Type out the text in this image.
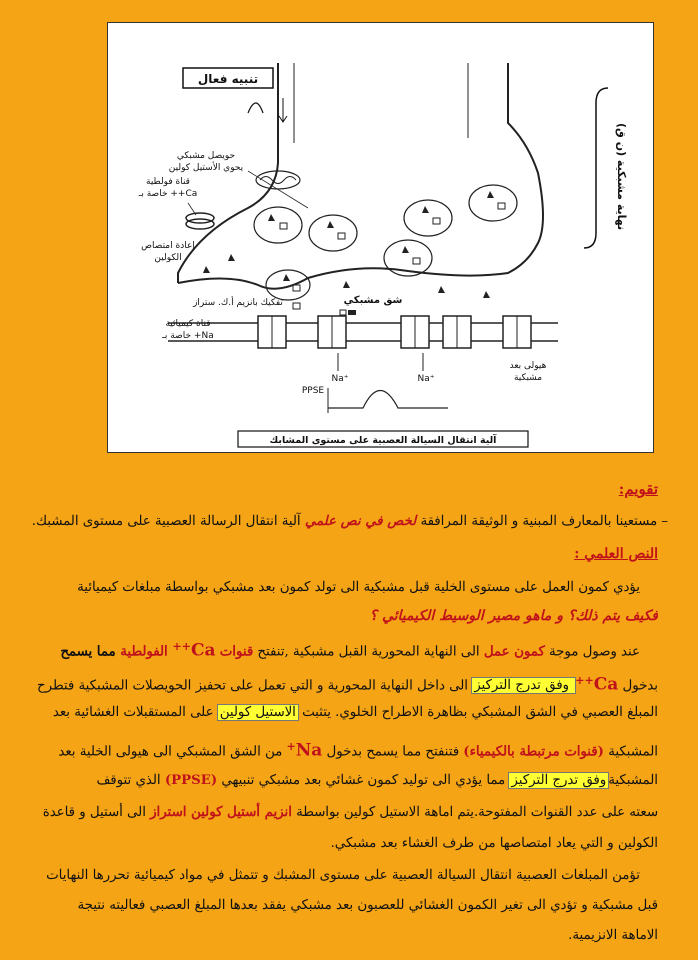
تنبيه فعال
نهاية مشبكية (ن ق)
حويصل مشبكي
يحوي الأستيل كولين
قناة فولطية
خاصة بـ ++Ca
إعادة امتصاص
الكولين
تفكيك بانزيم أ.ك. ستراز	شق مشبكي
Na⁺	Na⁺
قناة كيميائية
خاصة بـ +Na
هيولى بعد
مشبكية
PPSE
آلية انتقال السيالة العصبية على مستوى المشابك
تقويم:
– مستعينا بالمعارف المبنية و الوثيقة المرافقة لخص في نص علمي آلية انتقال الرسالة العصبية على مستوى المشبك.
النص العلمي :
يؤدي كمون العمل على مستوى الخلية قبل مشبكية الى تولد كمون بعد مشبكي بواسطة مبلغات كيميائية
فكيف يتم ذلك؟ و ماهو مصير الوسيط الكيميائي ؟
عند وصول موجة كمون عمل الى النهاية المحورية القبل مشبكية ,تنفتح قنوات Ca++ الفولطية مما يسمح
بدخول Ca++ وفق تدرج التركيز الى داخل النهاية المحورية و التي تعمل على تحفيز الحويصلات المشبكية فتطرح
المبلغ العصبي في الشق المشبكي بظاهرة الاطراح الخلوي. يتثبت الاستيل كولين على المستقبلات الغشائية بعد
المشبكية (قنوات مرتبطة بالكيمياء) فتنفتح مما يسمح بدخول Na+ من الشق المشبكي الى هيولى الخلية بعد
المشبكيةوفق تدرج التركيز مما يؤدي الى توليد كمون غشائي بعد مشبكي تنبيهي (PPSE) الذي تتوقف
سعته على عدد القنوات المفتوحة.يتم اماهة الاستيل كولين بواسطة انزيم أستيل كولين استراز الى أستيل و قاعدة
الكولين و التي يعاد امتصاصها من طرف الغشاء بعد مشبكي.
تؤمن المبلغات العصبية انتقال السيالة العصبية على مستوى المشبك و تتمثل في مواد كيميائية تحررها النهايات
قبل مشبكية و تؤدي الى تغير الكمون الغشائي للعصبون بعد مشبكي يفقد بعدها المبلغ العصبي فعاليته نتيجة
الاماهة الانزيمية.
